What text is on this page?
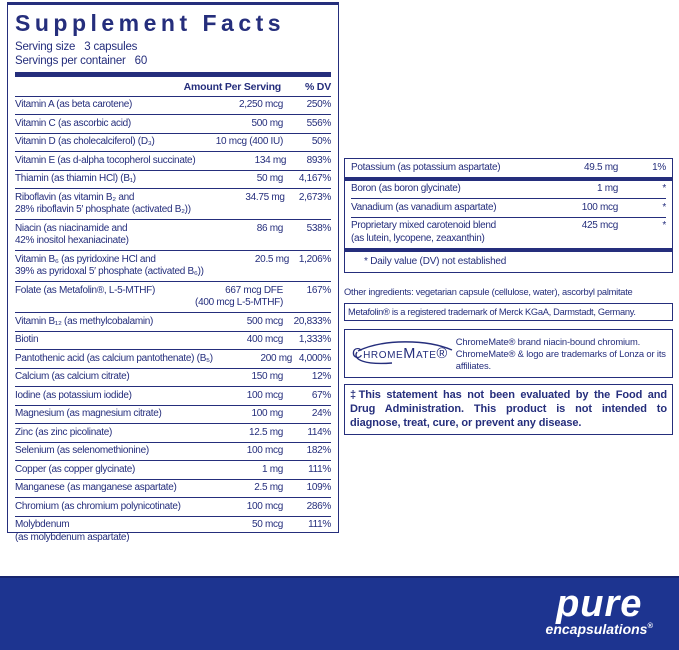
Supplement Facts
Serving size 3 capsules
Servings per container 60
Amount Per Serving	% DV
Vitamin A (as beta carotene)	2,250 mcg	250%
Vitamin C (as ascorbic acid)	500 mg	556%
Vitamin D (as cholecalciferol) (D₃)	10 mcg (400 IU)	50%
Vitamin E (as d-alpha tocopherol succinate)	134 mg	893%
Thiamin (as thiamin HCl) (B₁)	50 mg	4,167%
Riboflavin (as vitamin B₂ and
28% riboflavin 5′ phosphate (activated B₂))
34.75 mg	2,673%
Niacin (as niacinamide and
42% inositol hexaniacinate)
86 mg	538%
Vitamin B₆ (as pyridoxine HCl and
39% as pyridoxal 5′ phosphate (activated B₆))
20.5 mg 1,206%
Folate (as Metafolin®, L-5-MTHF)	667 mcg DFE
(400 mcg L-5-MTHF)
167%
Vitamin B₁₂ (as methylcobalamin)	500 mcg	20,833%
Biotin	400 mcg	1,333%
Pantothenic acid (as calcium pantothenate) (B₅)	200 mg 4,000%
Calcium (as calcium citrate)	150 mg	12%
Iodine (as potassium iodide)	100 mcg	67%
Magnesium (as magnesium citrate)	100 mg	24%
Zinc (as zinc picolinate)	12.5 mg	114%
Selenium (as selenomethionine)	100 mcg	182%
Copper (as copper glycinate)	1 mg	111%
Manganese (as manganese aspartate)	2.5 mg	109%
Chromium (as chromium polynicotinate)	100 mcg	286%
Molybdenum
(as molybdenum aspartate)
50 mcg	111%
Potassium (as potassium aspartate)	49.5 mg	1%
Boron (as boron glycinate)	1 mg	*
Vanadium (as vanadium aspartate)	100 mcg	*
Proprietary mixed carotenoid blend
(as lutein, lycopene, zeaxanthin)
425 mcg	*
* Daily value (DV) not established
Other ingredients: vegetarian capsule (cellulose, water), ascorbyl palmitate
Metafolin® is a registered trademark of Merck KGaA, Darmstadt, Germany.
ChromeMate®
ChromeMate® brand niacin-bound chromium. ChromeMate® & logo are trademarks of Lonza or its affiliates.
‡This statement has not been evaluated by the Food and Drug Administration. This product is not intended to diagnose, treat, cure, or prevent any disease.
pure
encapsulations®
